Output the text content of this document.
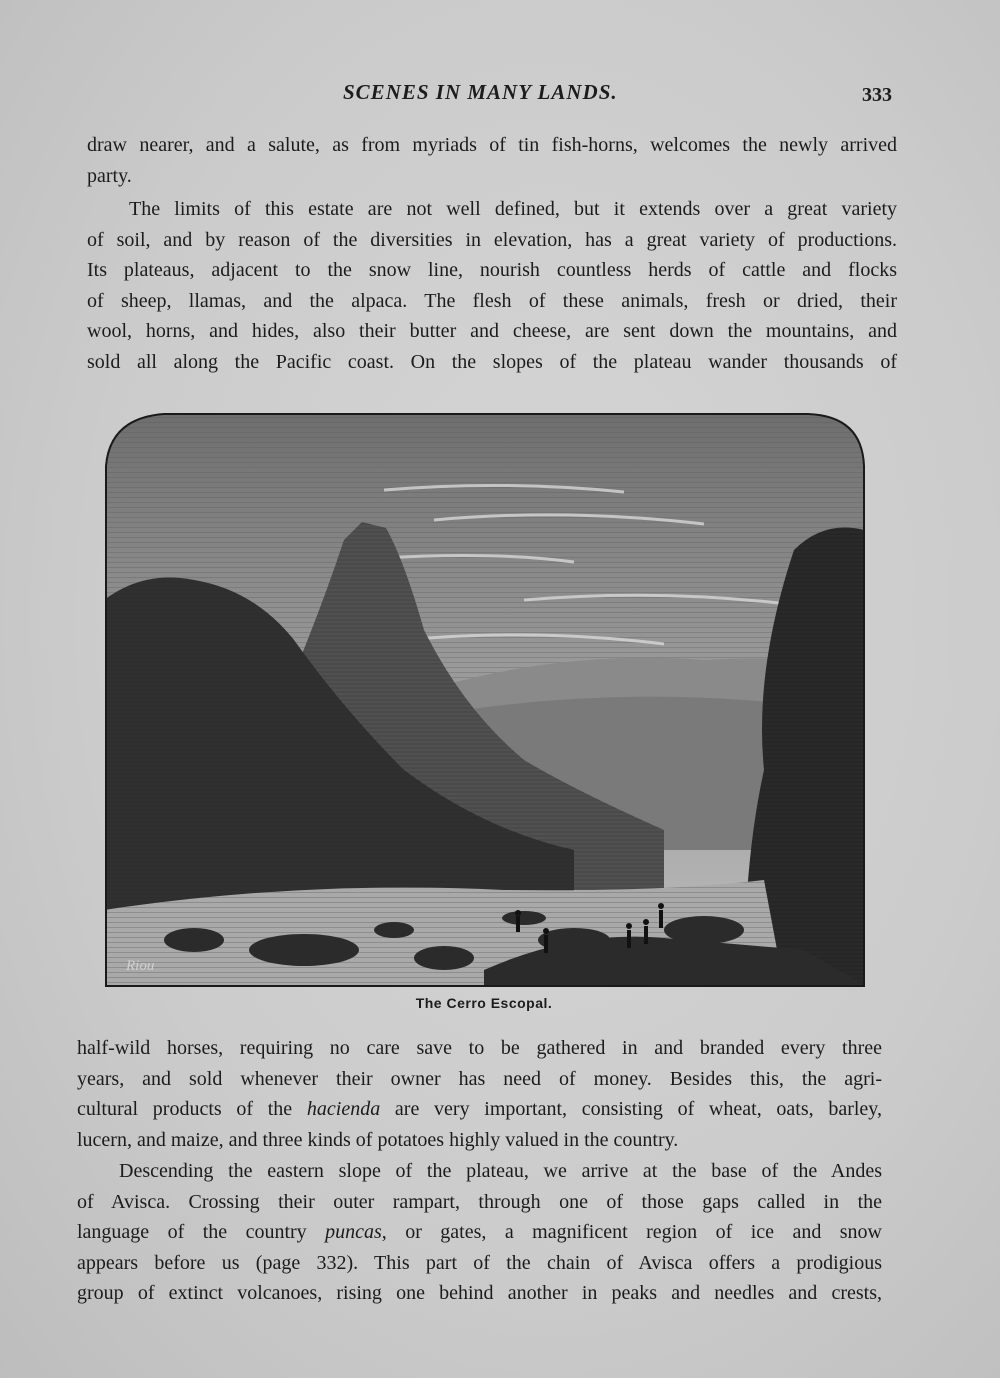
SCENES IN MANY LANDS.	333
draw nearer, and a salute, as from myriads of tin fish-horns, welcomes the newly arrived
party.
The limits of this estate are not well defined, but it extends over a great variety
of soil, and by reason of the diversities in elevation, has a great variety of productions.
Its plateaus, adjacent to the snow line, nourish countless herds of cattle and flocks
of sheep, llamas, and the alpaca. The flesh of these animals, fresh or dried, their
wool, horns, and hides, also their butter and cheese, are sent down the mountains, and
sold all along the Pacific coast. On the slopes of the plateau wander thousands of
Riou
The Cerro Escopal.
half-wild horses, requiring no care save to be gathered in and branded every three
years, and sold whenever their owner has need of money. Besides this, the agri-
cultural products of the hacienda are very important, consisting of wheat, oats, barley,
lucern, and maize, and three kinds of potatoes highly valued in the country.
Descending the eastern slope of the plateau, we arrive at the base of the Andes
of Avisca. Crossing their outer rampart, through one of those gaps called in the
language of the country puncas, or gates, a magnificent region of ice and snow
appears before us (page 332). This part of the chain of Avisca offers a prodigious
group of extinct volcanoes, rising one behind another in peaks and needles and crests,
